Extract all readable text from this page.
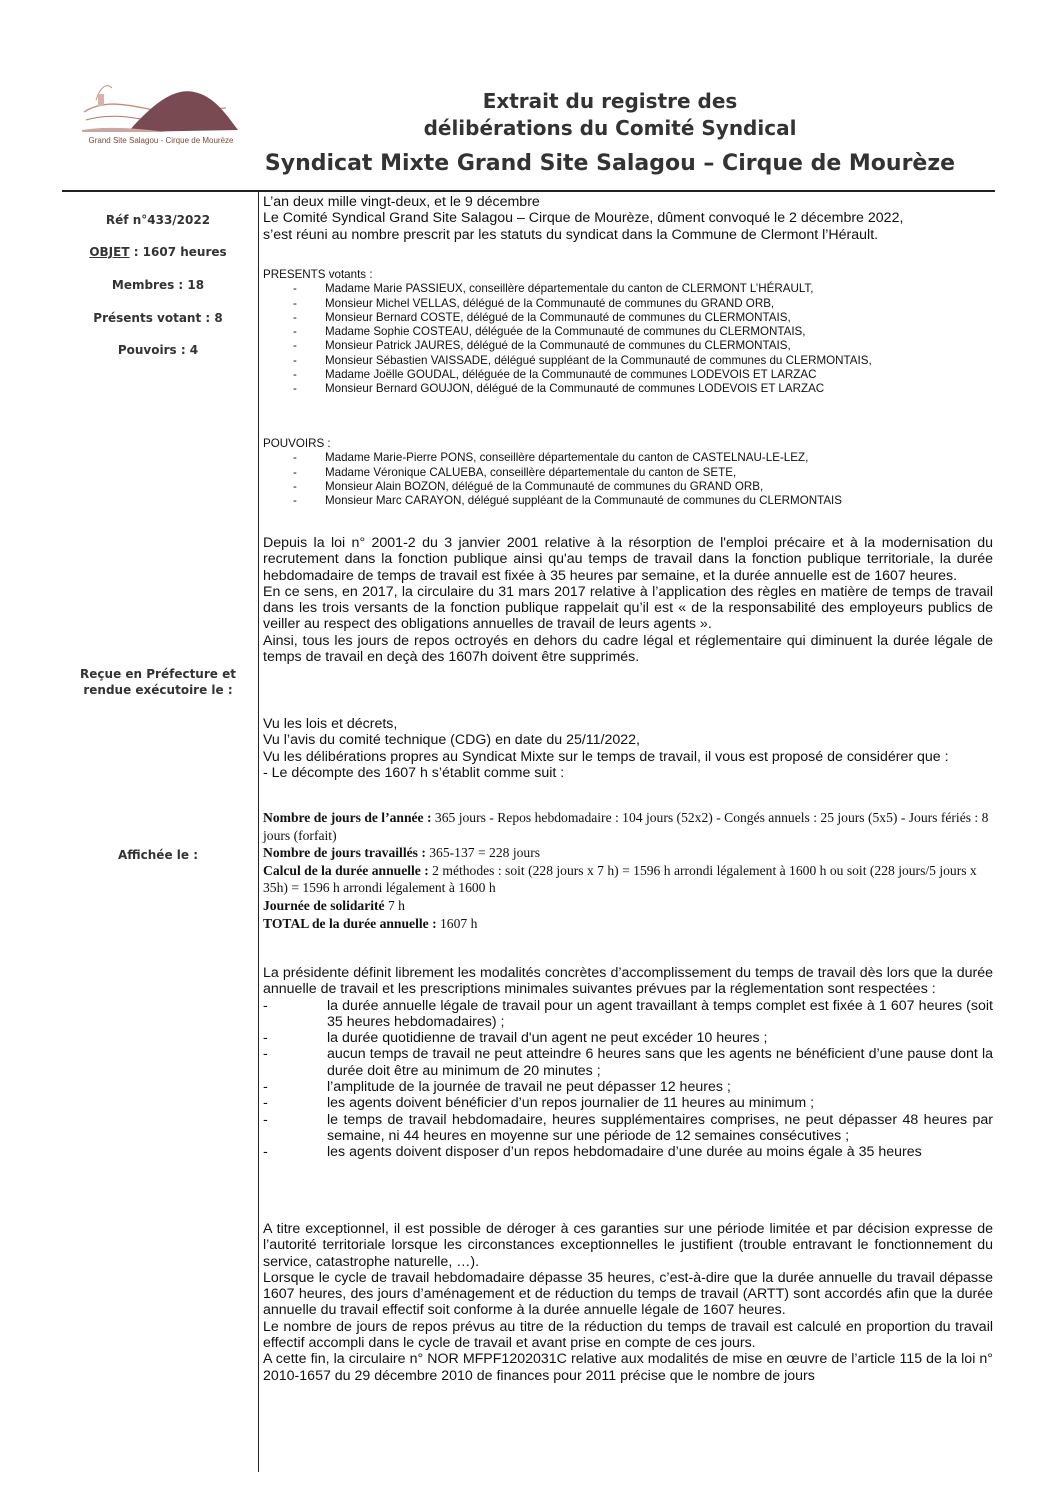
Grand Site Salagou - Cirque de Mourèze
Extrait du registre des
délibérations du Comité Syndical
Syndicat Mixte Grand Site Salagou – Cirque de Mourèze
Réf n°433/2022
OBJET : 1607 heures
Membres : 18
Présents votant : 8
Pouvoirs : 4
Reçue en Préfecture et
rendue exécutoire le :
Affichée le :

L’an deux mille vingt-deux, et le 9 décembre

Le Comité Syndical Grand Site Salagou – Cirque de Mourèze, dûment convoqué le 2 décembre 2022,

s’est réuni au nombre prescrit par les statuts du syndicat dans la Commune de Clermont l’Hérault.

PRESENTS votants :

- Madame Marie PASSIEUX, conseillère départementale du canton de CLERMONT L’HÉRAULT,
- Monsieur Michel VELLAS, délégué de la Communauté de communes du GRAND ORB,
- Monsieur Bernard COSTE, délégué de la Communauté de communes du CLERMONTAIS,
- Madame Sophie COSTEAU, déléguée de la Communauté de communes du CLERMONTAIS,
- Monsieur Patrick JAURES, délégué de la Communauté de communes du CLERMONTAIS,
- Monsieur Sébastien VAISSADE, délégué suppléant de la Communauté de communes du CLERMONTAIS,
- Madame Joëlle GOUDAL, déléguée de la Communauté de communes LODEVOIS ET LARZAC
- Monsieur Bernard GOUJON, délégué de la Communauté de communes LODEVOIS ET LARZAC

POUVOIRS :

- Madame Marie-Pierre PONS, conseillère départementale du canton de CASTELNAU-LE-LEZ,
- Madame Véronique CALUEBA, conseillère départementale du canton de SETE,
- Monsieur Alain BOZON, délégué de la Communauté de communes du GRAND ORB,
- Monsieur Marc CARAYON, délégué suppléant de la Communauté de communes du CLERMONTAIS

Depuis la loi n° 2001-2 du 3 janvier 2001 relative à la résorption de l'emploi précaire et à la modernisation du recrutement dans la fonction publique ainsi qu'au temps de travail dans la fonction publique territoriale, la durée hebdomadaire de temps de travail est fixée à 35 heures par semaine, et la durée annuelle est de 1607 heures.

En ce sens, en 2017, la circulaire du 31 mars 2017 relative à l’application des règles en matière de temps de travail dans les trois versants de la fonction publique rappelait qu’il est « de la responsabilité des employeurs publics de veiller au respect des obligations annuelles de travail de leurs agents ».

Ainsi, tous les jours de repos octroyés en dehors du cadre légal et réglementaire qui diminuent la durée légale de temps de travail en deçà des 1607h doivent être supprimés.

Vu les lois et décrets,

Vu l’avis du comité technique (CDG) en date du 25/11/2022,

Vu les délibérations propres au Syndicat Mixte sur le temps de travail, il vous est proposé de considérer que :

- Le décompte des 1607 h s’établit comme suit :

Nombre de jours de l’année : 365 jours - Repos hebdomadaire : 104 jours (52x2) - Congés annuels : 25 jours (5x5) - Jours fériés : 8 jours (forfait)

Nombre de jours travaillés : 365-137 = 228 jours

Calcul de la durée annuelle : 2 méthodes : soit (228 jours x 7 h) = 1596 h arrondi légalement à 1600 h ou soit (228 jours/5 jours x 35h) = 1596 h arrondi légalement à 1600 h

Journée de solidarité 7 h

TOTAL de la durée annuelle : 1607 h

La présidente définit librement les modalités concrètes d’accomplissement du temps de travail dès lors que la durée annuelle de travail et les prescriptions minimales suivantes prévues par la réglementation sont respectées :

-	la durée annuelle légale de travail pour un agent travaillant à temps complet est fixée à 1 607 heures (soit 35 heures hebdomadaires) ;

-	la durée quotidienne de travail d'un agent ne peut excéder 10 heures ;

-	aucun temps de travail ne peut atteindre 6 heures sans que les agents ne bénéficient d’une pause dont la durée doit être au minimum de 20 minutes ;

-	l’amplitude de la journée de travail ne peut dépasser 12 heures ;

-	les agents doivent bénéficier d’un repos journalier de 11 heures au minimum ;

-	le temps de travail hebdomadaire, heures supplémentaires comprises, ne peut dépasser 48 heures par semaine, ni 44 heures en moyenne sur une période de 12 semaines consécutives ;

-	les agents doivent disposer d’un repos hebdomadaire d’une durée au moins égale à 35 heures

A titre exceptionnel, il est possible de déroger à ces garanties sur une période limitée et par décision expresse de l’autorité territoriale lorsque les circonstances exceptionnelles le justifient (trouble entravant le fonctionnement du service, catastrophe naturelle, …).

Lorsque le cycle de travail hebdomadaire dépasse 35 heures, c’est-à-dire que la durée annuelle du travail dépasse 1607 heures, des jours d’aménagement et de réduction du temps de travail (ARTT) sont accordés afin que la durée annuelle du travail effectif soit conforme à la durée annuelle légale de 1607 heures.

Le nombre de jours de repos prévus au titre de la réduction du temps de travail est calculé en proportion du travail effectif accompli dans le cycle de travail et avant prise en compte de ces jours.

A cette fin, la circulaire n° NOR MFPF1202031C relative aux modalités de mise en œuvre de l’article 115 de la loi n° 2010-1657 du 29 décembre 2010 de finances pour 2011 précise que le nombre de jours
